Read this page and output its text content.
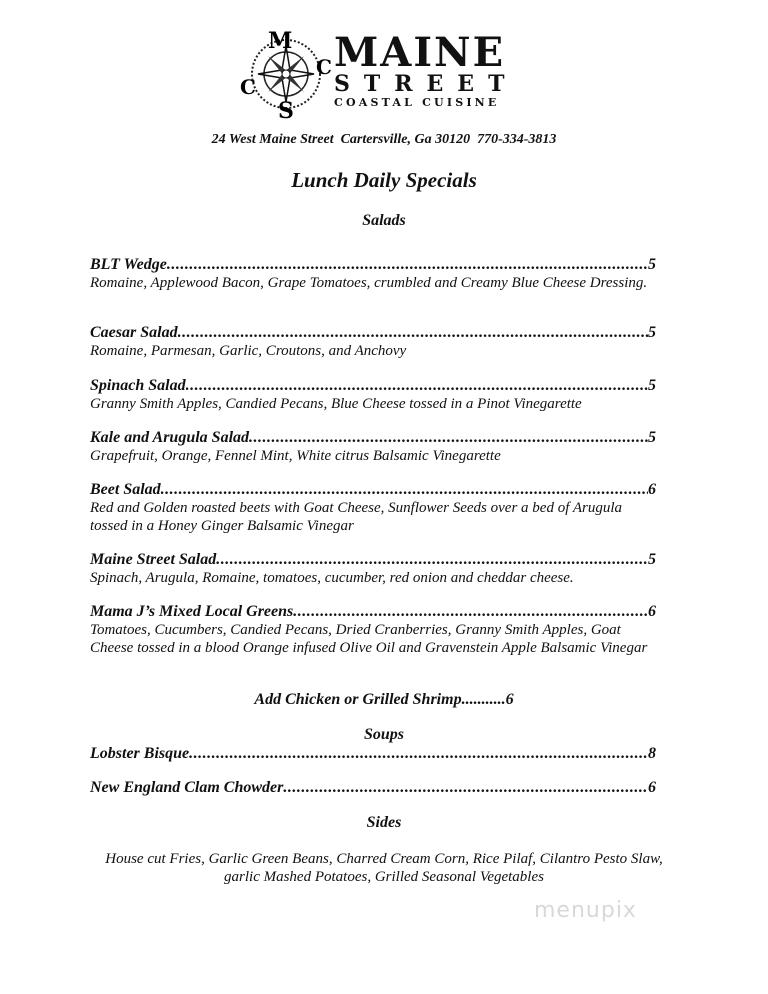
M
C
C
S
MAINE
STREET
COASTAL CUISINE
24 West Maine Street  Cartersville, Ga 30120  770-334-3813
Lunch Daily Specials
Salads
BLT Wedge .....	5
Romaine, Applewood Bacon, Grape Tomatoes, crumbled and Creamy Blue Cheese Dressing.
Caesar Salad .....	5
Romaine, Parmesan, Garlic, Croutons, and Anchovy
Spinach Salad .....	5
Granny Smith Apples, Candied Pecans, Blue Cheese tossed in a Pinot Vinegarette
Kale and Arugula Salad .....	5
Grapefruit, Orange, Fennel Mint, White citrus Balsamic Vinegarette
Beet Salad .....	6
Red and Golden roasted beets with Goat Cheese, Sunflower Seeds over a bed of Arugula tossed in a Honey Ginger Balsamic Vinegar
Maine Street Salad .....	5
Spinach, Arugula, Romaine, tomatoes, cucumber, red onion and cheddar cheese.
Mama J’s Mixed Local Greens .....	6
Tomatoes, Cucumbers, Candied Pecans, Dried Cranberries, Granny Smith Apples, Goat Cheese tossed in a blood Orange infused Olive Oil and Gravenstein Apple Balsamic Vinegar
Add Chicken or Grilled Shrimp...........6
Soups
Lobster Bisque .....	8
New England Clam Chowder .....	6
Sides
House cut Fries, Garlic Green Beans, Charred Cream Corn, Rice Pilaf, Cilantro Pesto Slaw, garlic Mashed Potatoes, Grilled Seasonal Vegetables
menupix
